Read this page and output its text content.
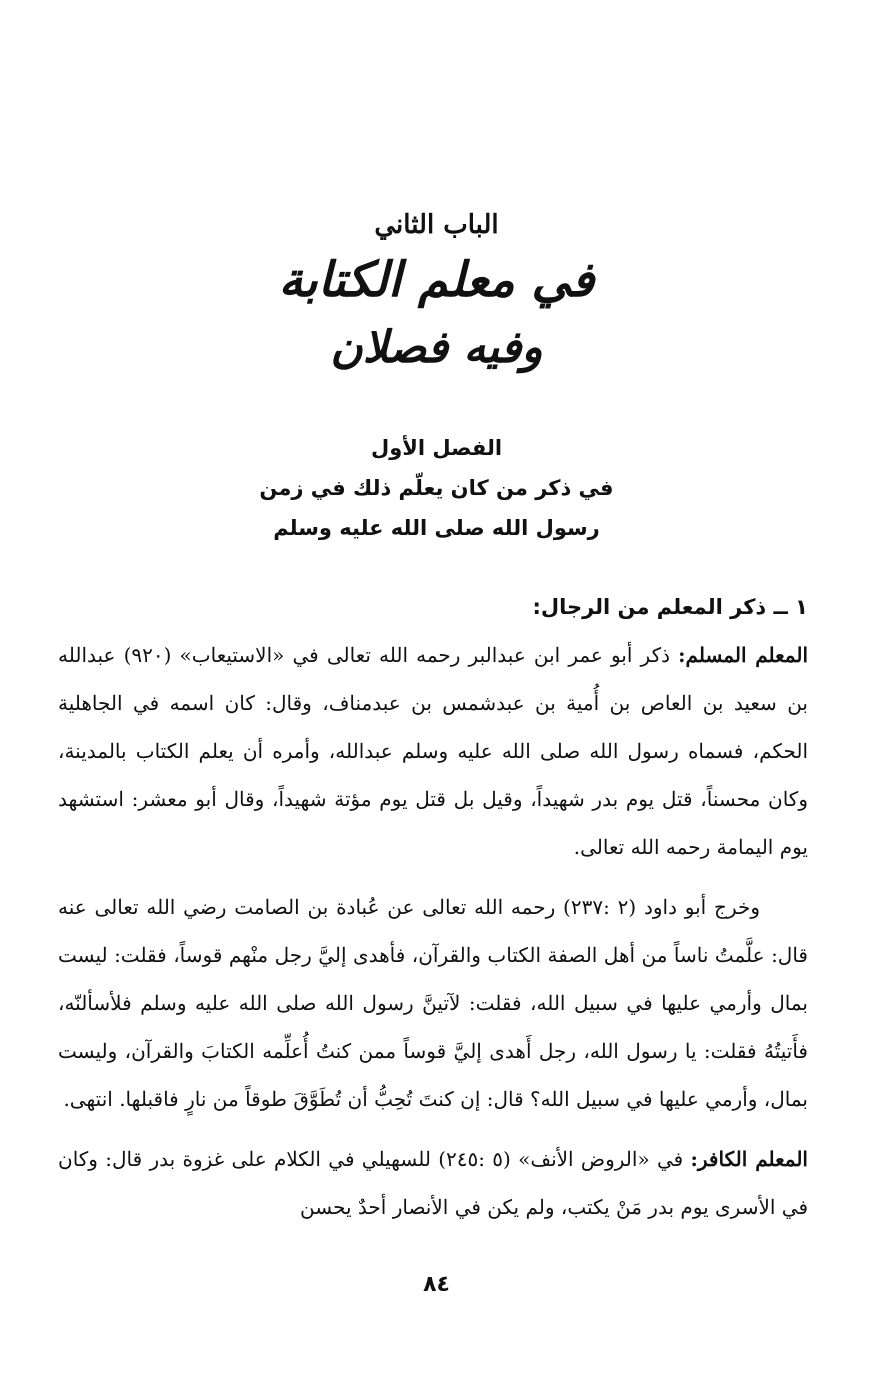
الباب الثاني
في معلم الكتابة
وفيه فصلان
الفصل الأول
في ذكر من كان يعلّم ذلك في زمن
رسول الله صلى الله عليه وسلم

١ ــ ذكر المعلم من الرجال:

المعلم المسلم: ذكر أبو عمر ابن عبدالبر رحمه الله تعالى في «الاستيعاب» (٩٢٠) عبدالله بن سعيد بن العاص بن أُمية بن عبدشمس بن عبدمناف، وقال: كان اسمه في الجاهلية الحكم، فسماه رسول الله صلى الله عليه وسلم عبدالله، وأمره أن يعلم الكتاب بالمدينة، وكان محسناً، قتل يوم بدر شهيداً، وقيل بل قتل يوم مؤتة شهيداً، وقال أبو معشر: استشهد يوم اليمامة رحمه الله تعالى.

وخرج أبو داود (٢ :٢٣٧) رحمه الله تعالى عن عُبادة بن الصامت رضي الله تعالى عنه قال: علَّمتُ ناساً من أهل الصفة الكتاب والقرآن، فأهدى إليَّ رجل منْهم قوساً، فقلت: ليست بمال وأرمي عليها في سبيل الله، فقلت: لآتينَّ رسول الله صلى الله عليه وسلم فلأسألنّه، فأَتيتُهُ فقلت: يا رسول الله، رجل أَهدى إليَّ قوساً ممن كنتُ أُعلِّمه الكتابَ والقرآن، وليست بمال، وأرمي عليها في سبيل الله؟ قال: إن كنتَ تُحِبُّ أن تُطَوَّقَ طوقاً من نارٍ فاقبلها. انتهى.

المعلم الكافر: في «الروض الأنف» (٥ :٢٤٥) للسهيلي في الكلام على غزوة بدر قال: وكان في الأسرى يوم بدر مَنْ يكتب، ولم يكن في الأنصار أحدٌ يحسن

٨٤
